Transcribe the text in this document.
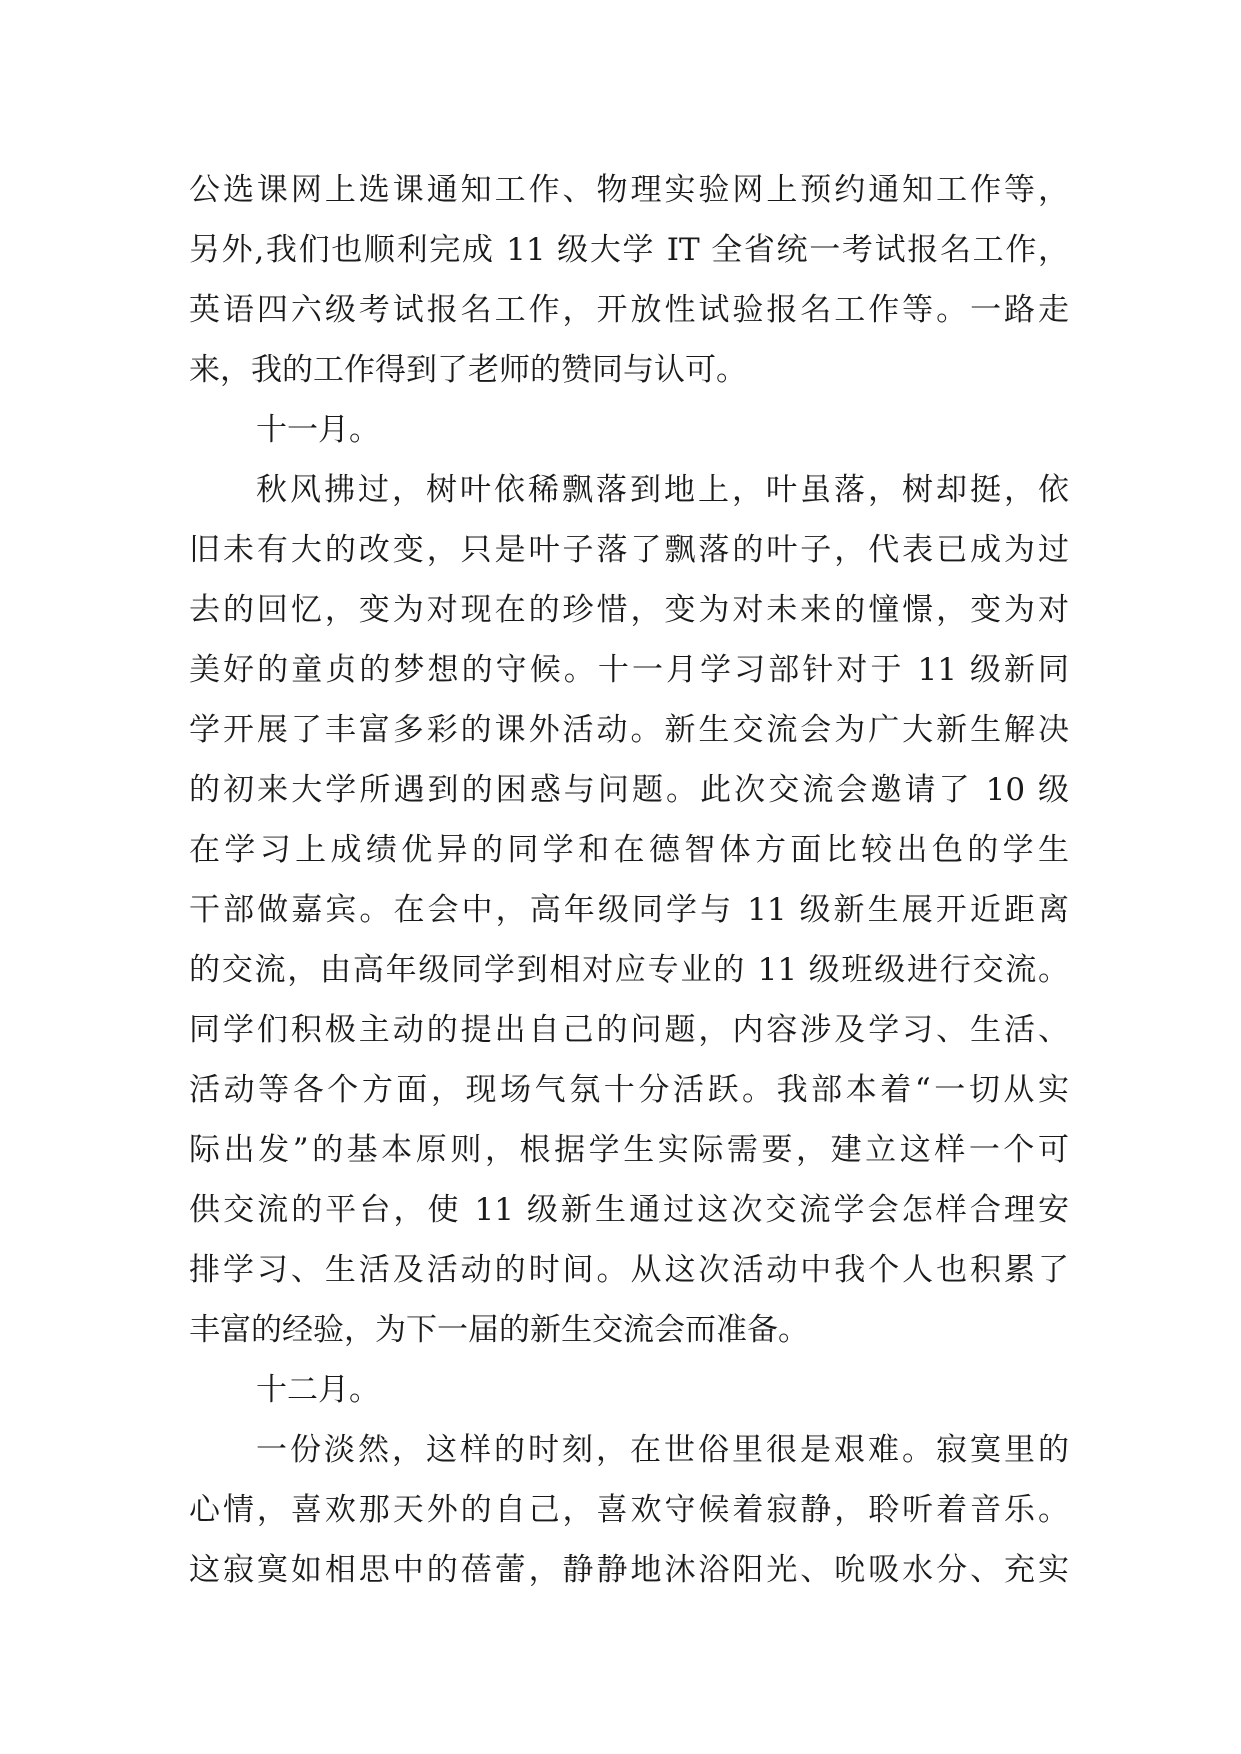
公选课网上选课通知工作、物理实验网上预约通知工作等，
另外,我们也顺利完成 11 级大学 IT 全省统一考试报名工作，
英语四六级考试报名工作，开放性试验报名工作等。一路走
来，我的工作得到了老师的赞同与认可。
十一月。
秋风拂过，树叶依稀飘落到地上，叶虽落，树却挺，依
旧未有大的改变，只是叶子落了飘落的叶子，代表已成为过
去的回忆，变为对现在的珍惜，变为对未来的憧憬，变为对
美好的童贞的梦想的守候。十一月学习部针对于 11 级新同
学开展了丰富多彩的课外活动。新生交流会为广大新生解决
的初来大学所遇到的困惑与问题。此次交流会邀请了 10 级
在学习上成绩优异的同学和在德智体方面比较出色的学生
干部做嘉宾。在会中，高年级同学与 11 级新生展开近距离
的交流，由高年级同学到相对应专业的 11 级班级进行交流。
同学们积极主动的提出自己的问题，内容涉及学习、生活、
活动等各个方面，现场气氛十分活跃。我部本着“一切从实
际出发”的基本原则，根据学生实际需要，建立这样一个可
供交流的平台，使 11 级新生通过这次交流学会怎样合理安
排学习、生活及活动的时间。从这次活动中我个人也积累了
丰富的经验，为下一届的新生交流会而准备。
十二月。
一份淡然，这样的时刻，在世俗里很是艰难。寂寞里的
心情，喜欢那天外的自己，喜欢守候着寂静，聆听着音乐。
这寂寞如相思中的蓓蕾，静静地沐浴阳光、吮吸水分、充实
